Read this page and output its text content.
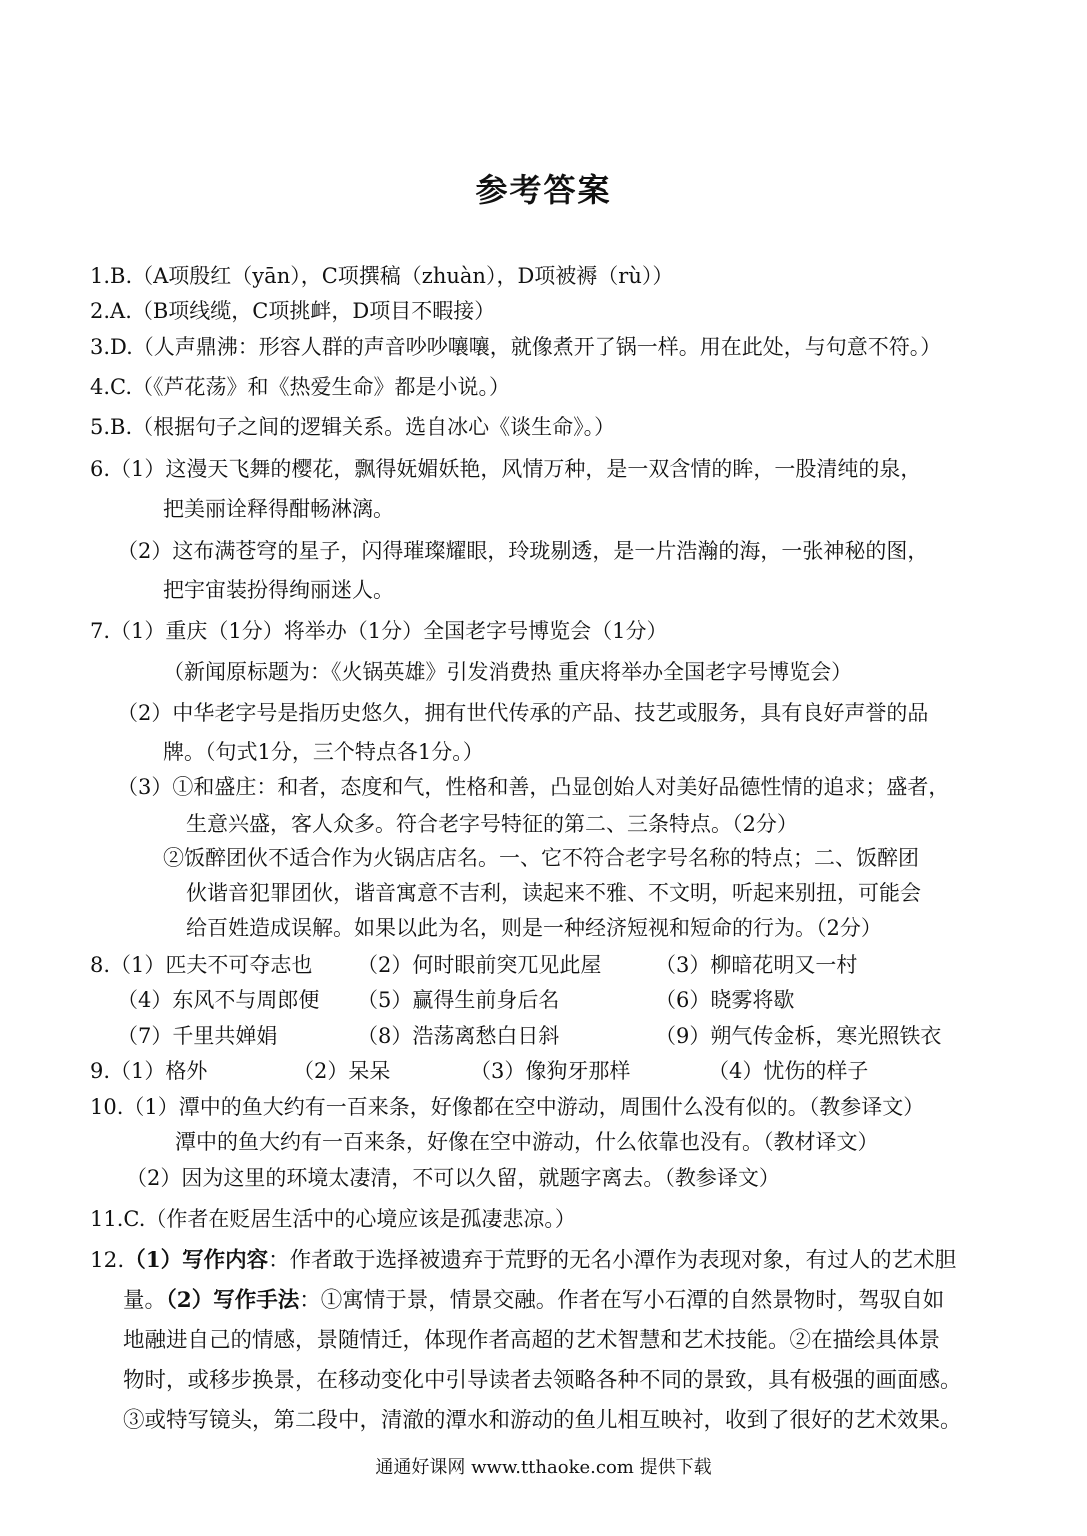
参考答案
1.B.（A项殷红（yān），C项撰稿（zhuàn），D项被褥（rù））
2.A.（B项线缆，C项挑衅，D项目不暇接）
3.D.（人声鼎沸：形容人群的声音吵吵嚷嚷，就像煮开了锅一样。用在此处，与句意不符。）
4.C.（《芦花荡》和《热爱生命》都是小说。）
5.B.（根据句子之间的逻辑关系。选自冰心《谈生命》。）
6.（1）这漫天飞舞的樱花，飘得妩媚妖艳，风情万种，是一双含情的眸，一股清纯的泉，
把美丽诠释得酣畅淋漓。
（2）这布满苍穹的星子，闪得璀璨耀眼，玲珑剔透，是一片浩瀚的海，一张神秘的图，
把宇宙装扮得绚丽迷人。
7.（1）重庆（1分）将举办（1分）全国老字号博览会（1分）
（新闻原标题为：《火锅英雄》引发消费热 重庆将举办全国老字号博览会）
（2）中华老字号是指历史悠久，拥有世代传承的产品、技艺或服务，具有良好声誉的品
牌。（句式1分，三个特点各1分。）
（3）①和盛庄：和者，态度和气，性格和善，凸显创始人对美好品德性情的追求；盛者，
生意兴盛，客人众多。符合老字号特征的第二、三条特点。（2分）
②饭醉团伙不适合作为火锅店店名。一、它不符合老字号名称的特点；二、饭醉团
伙谐音犯罪团伙，谐音寓意不吉利，读起来不雅、不文明，听起来别扭，可能会
给百姓造成误解。如果以此为名，则是一种经济短视和短命的行为。（2分）
8.（1）匹夫不可夺志也 （2）何时眼前突兀见此屋	（3）柳暗花明又一村
（4）东风不与周郎便 （5）赢得生前身后名	（6）晓雾将歇
（7）千里共婵娟	（8）浩荡离愁白日斜	（9）朔气传金柝，寒光照铁衣
9.（1）格外	（2）呆呆	（3）像狗牙那样	（4）忧伤的样子
10.（1）潭中的鱼大约有一百来条，好像都在空中游动，周围什么没有似的。（教参译文）
潭中的鱼大约有一百来条，好像在空中游动，什么依靠也没有。（教材译文）
（2）因为这里的环境太凄清，不可以久留，就题字离去。（教参译文）
11.C.（作者在贬居生活中的心境应该是孤凄悲凉。）
12.（1）写作内容：作者敢于选择被遗弃于荒野的无名小潭作为表现对象，有过人的艺术胆
量。（2）写作手法：①寓情于景，情景交融。作者在写小石潭的自然景物时，驾驭自如
地融进自己的情感，景随情迁，体现作者高超的艺术智慧和艺术技能。②在描绘具体景
物时，或移步换景，在移动变化中引导读者去领略各种不同的景致，具有极强的画面感。
③或特写镜头，第二段中，清澈的潭水和游动的鱼儿相互映衬，收到了很好的艺术效果。
通通好课网 www.tthaoke.com 提供下载
